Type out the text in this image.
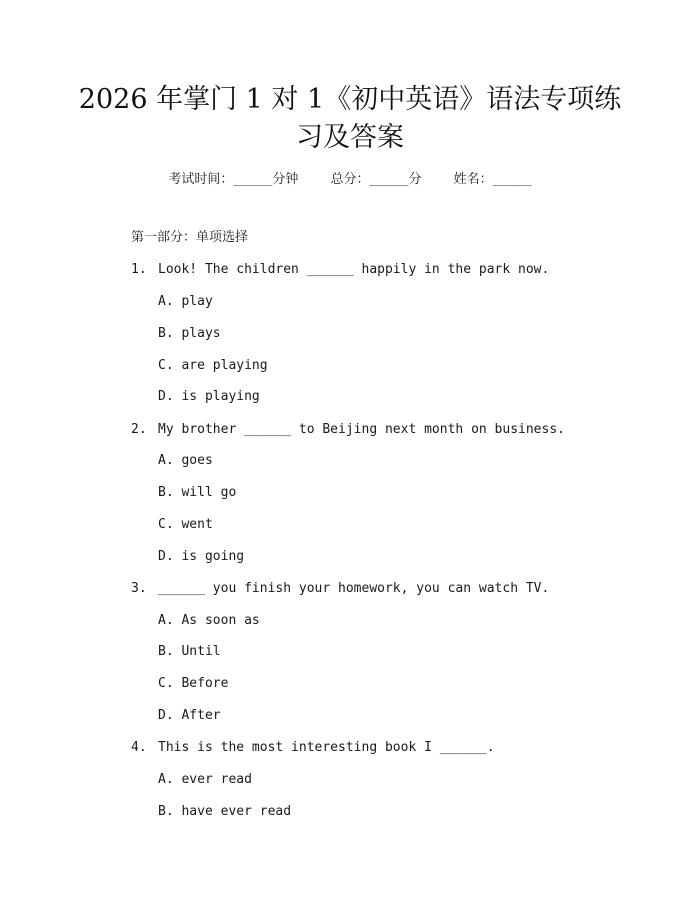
2026 年掌门 1 对 1《初中英语》语法专项练
习及答案
考试时间：______分钟 总分：______分 姓名：______
第一部分：单项选择
1. Look! The children ______ happily in the park now.
A. play
B. plays
C. are playing
D. is playing
2. My brother ______ to Beijing next month on business.
A. goes
B. will go
C. went
D. is going
3. ______ you finish your homework, you can watch TV.
A. As soon as
B. Until
C. Before
D. After
4. This is the most interesting book I ______.
A. ever read
B. have ever read
